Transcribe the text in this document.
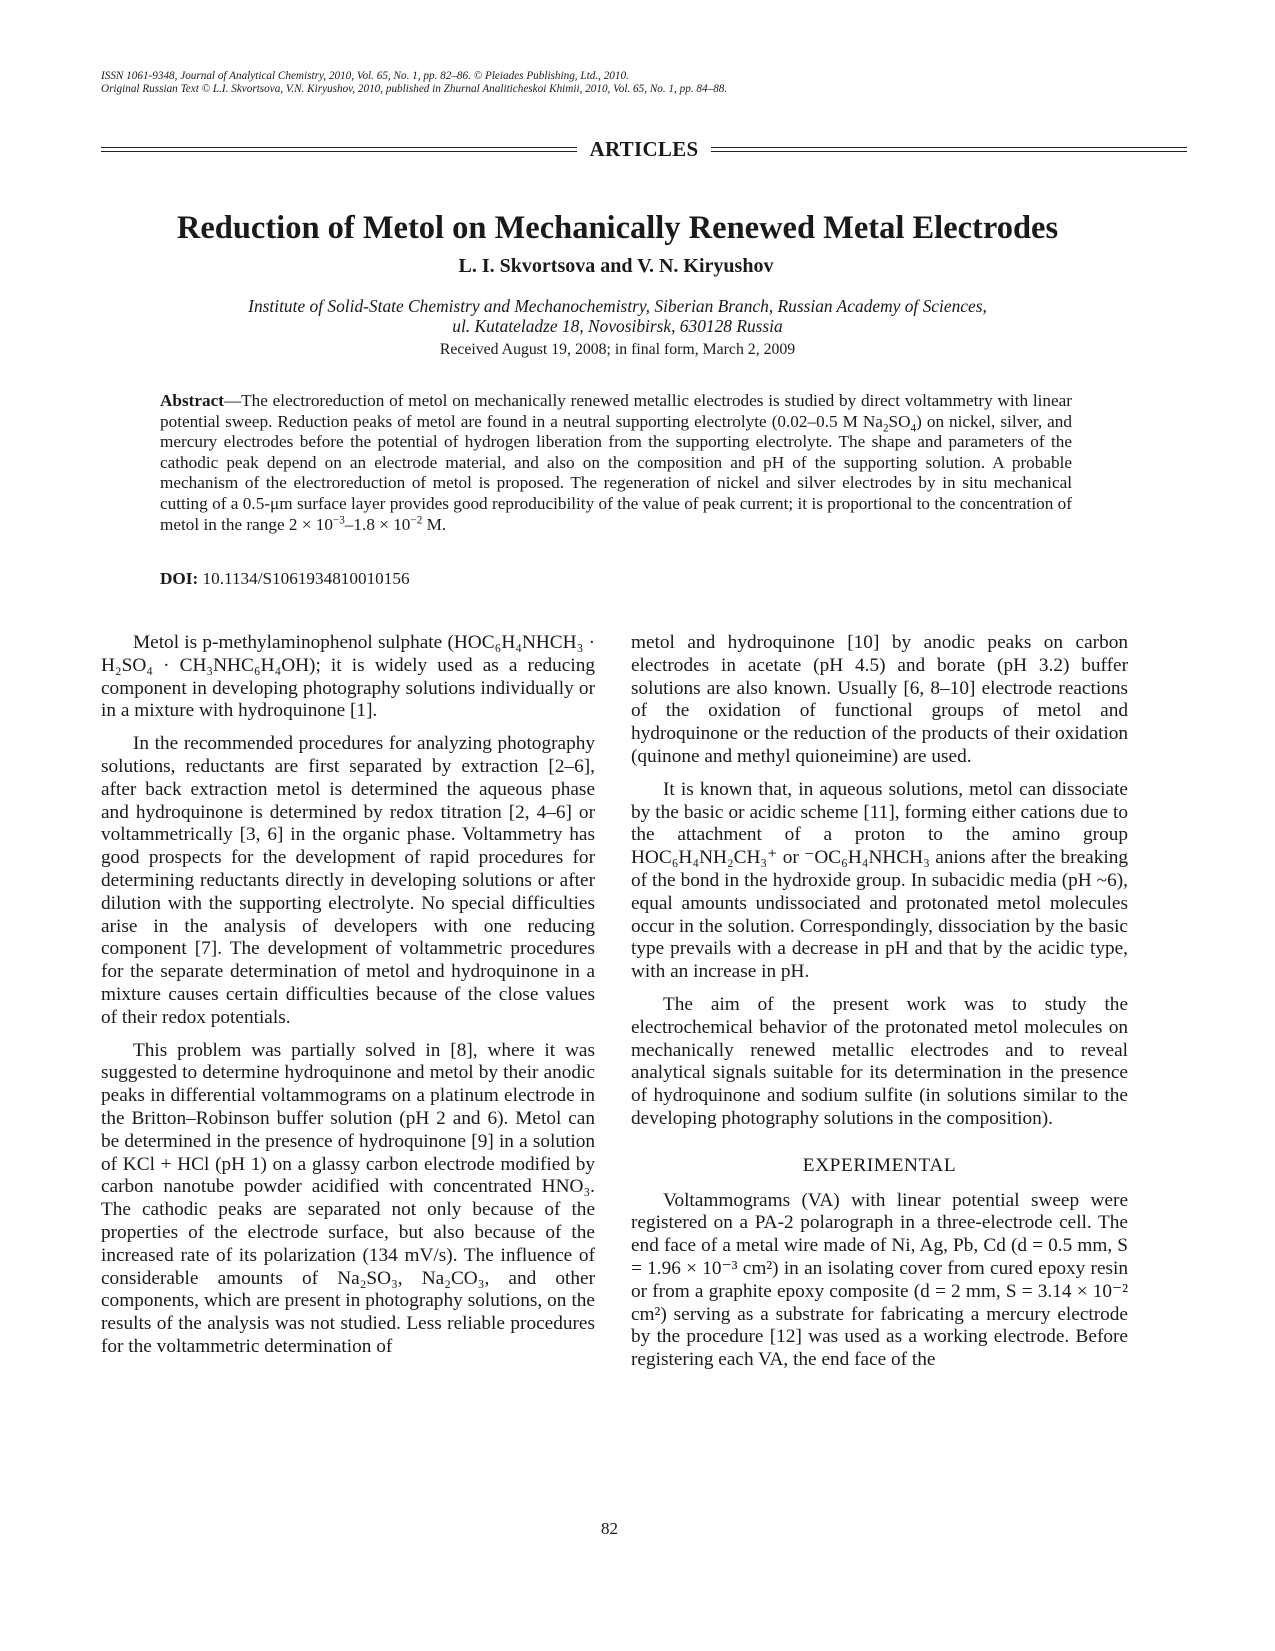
ISSN 1061-9348, Journal of Analytical Chemistry, 2010, Vol. 65, No. 1, pp. 82–86. © Pleiades Publishing, Ltd., 2010.
Original Russian Text © L.I. Skvortsova, V.N. Kiryushov, 2010, published in Zhurnal Analiticheskoi Khimii, 2010, Vol. 65, No. 1, pp. 84–88.
ARTICLES
Reduction of Metol on Mechanically Renewed Metal Electrodes
L. I. Skvortsova and V. N. Kiryushov
Institute of Solid-State Chemistry and Mechanochemistry, Siberian Branch, Russian Academy of Sciences,
ul. Kutateladze 18, Novosibirsk, 630128 Russia
Received August 19, 2008; in final form, March 2, 2009
Abstract—The electroreduction of metol on mechanically renewed metallic electrodes is studied by direct voltammetry with linear potential sweep. Reduction peaks of metol are found in a neutral supporting electrolyte (0.02–0.5 M $Na_2SO_4$) on nickel, silver, and mercury electrodes before the potential of hydrogen liberation from the supporting electrolyte. The shape and parameters of the cathodic peak depend on an electrode material, and also on the composition and pH of the supporting solution. A probable mechanism of the electroreduction of metol is proposed. The regeneration of nickel and silver electrodes by in situ mechanical cutting of a 0.5-μm surface layer provides good reproducibility of the value of peak current; it is proportional to the concentration of metol in the range $2 \times 10^{-3}-1.8 \times 10^{-2}$ M.
DOI: 10.1134/S1061934810010156

Metol is p-methylaminophenol sulphate (HOC₆H₄NHCH₃ · H₂SO₄ · CH₃NHC₆H₄OH); it is widely used as a reducing component in developing photography solutions individually or in a mixture with hydroquinone [1].

In the recommended procedures for analyzing photography solutions, reductants are first separated by extraction [2–6], after back extraction metol is determined the aqueous phase and hydroquinone is determined by redox titration [2, 4–6] or voltammetrically [3, 6] in the organic phase. Voltammetry has good prospects for the development of rapid procedures for determining reductants directly in developing solutions or after dilution with the supporting electrolyte. No special difficulties arise in the analysis of developers with one reducing component [7]. The development of voltammetric procedures for the separate determination of metol and hydroquinone in a mixture causes certain difficulties because of the close values of their redox potentials.

This problem was partially solved in [8], where it was suggested to determine hydroquinone and metol by their anodic peaks in differential voltammograms on a platinum electrode in the Britton–Robinson buffer solution (pH 2 and 6). Metol can be determined in the presence of hydroquinone [9] in a solution of KCl + HCl (pH 1) on a glassy carbon electrode modified by carbon nanotube powder acidified with concentrated HNO₃. The cathodic peaks are separated not only because of the properties of the electrode surface, but also because of the increased rate of its polarization (134 mV/s). The influence of considerable amounts of Na₂SO₃, Na₂CO₃, and other components, which are present in photography solutions, on the results of the analysis was not studied. Less reliable procedures for the voltammetric determination of

metol and hydroquinone [10] by anodic peaks on carbon electrodes in acetate (pH 4.5) and borate (pH 3.2) buffer solutions are also known. Usually [6, 8–10] electrode reactions of the oxidation of functional groups of metol and hydroquinone or the reduction of the products of their oxidation (quinone and methyl quioneimine) are used.

It is known that, in aqueous solutions, metol can dissociate by the basic or acidic scheme [11], forming either cations due to the attachment of a proton to the amino group HOC₆H₄NH₂CH₃⁺ or ⁻OC₆H₄NHCH₃ anions after the breaking of the bond in the hydroxide group. In subacidic media (pH ~6), equal amounts undissociated and protonated metol molecules occur in the solution. Correspondingly, dissociation by the basic type prevails with a decrease in pH and that by the acidic type, with an increase in pH.

The aim of the present work was to study the electrochemical behavior of the protonated metol molecules on mechanically renewed metallic electrodes and to reveal analytical signals suitable for its determination in the presence of hydroquinone and sodium sulfite (in solutions similar to the developing photography solutions in the composition).

EXPERIMENTAL

Voltammograms (VA) with linear potential sweep were registered on a PA-2 polarograph in a three-electrode cell. The end face of a metal wire made of Ni, Ag, Pb, Cd (d = 0.5 mm, S = 1.96 × 10⁻³ cm²) in an isolating cover from cured epoxy resin or from a graphite epoxy composite (d = 2 mm, S = 3.14 × 10⁻² cm²) serving as a substrate for fabricating a mercury electrode by the procedure [12] was used as a working electrode. Before registering each VA, the end face of the

82
